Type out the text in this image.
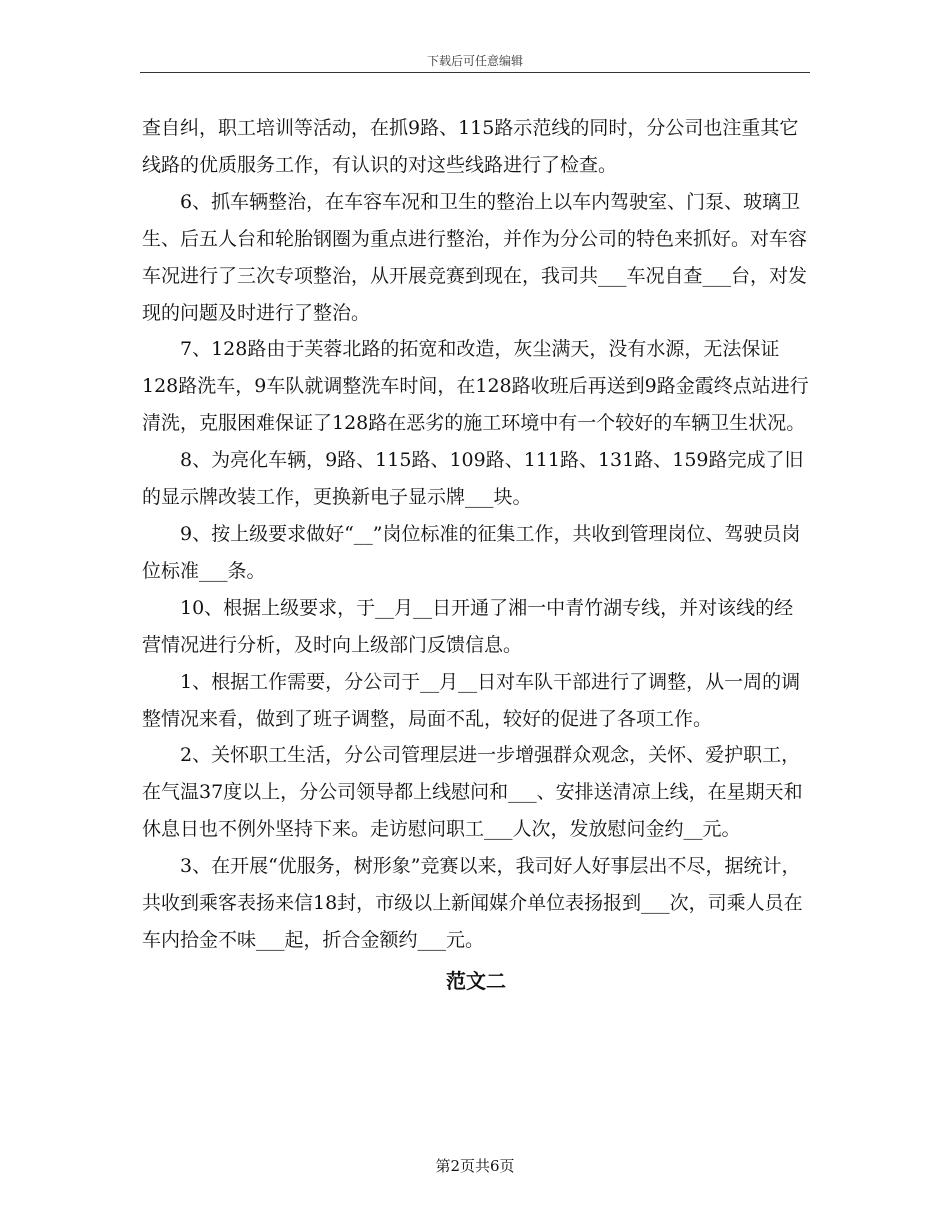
下载后可任意编辑

查自纠，职工培训等活动，在抓9路、115路示范线的同时，分公司也注重其它线路的优质服务工作，有认识的对这些线路进行了检查。

6、抓车辆整治，在车容车况和卫生的整治上以车内驾驶室、门泵、玻璃卫生、后五人台和轮胎钢圈为重点进行整治，并作为分公司的特色来抓好。对车容车况进行了三次专项整治，从开展竞赛到现在，我司共___车况自查___台，对发现的问题及时进行了整治。

7、128路由于芙蓉北路的拓宽和改造，灰尘满天，没有水源，无法保证128路洗车，9车队就调整洗车时间，在128路收班后再送到9路金霞终点站进行清洗，克服困难保证了128路在恶劣的施工环境中有一个较好的车辆卫生状况。

8、为亮化车辆，9路、115路、109路、111路、131路、159路完成了旧的显示牌改装工作，更换新电子显示牌___块。

9、按上级要求做好“__”岗位标准的征集工作，共收到管理岗位、驾驶员岗位标准___条。

10、根据上级要求，于__月__日开通了湘一中青竹湖专线，并对该线的经营情况进行分析，及时向上级部门反馈信息。

1、根据工作需要，分公司于__月__日对车队干部进行了调整，从一周的调整情况来看，做到了班子调整，局面不乱，较好的促进了各项工作。

2、关怀职工生活，分公司管理层进一步增强群众观念，关怀、爱护职工，在气温37度以上，分公司领导都上线慰问和___、安排送清凉上线，在星期天和休息日也不例外坚持下来。走访慰问职工___人次，发放慰问金约__元。

3、在开展“优服务，树形象”竞赛以来，我司好人好事层出不尽，据统计，共收到乘客表扬来信18封，市级以上新闻媒介单位表扬报到___次，司乘人员在车内拾金不味___起，折合金额约___元。

范文二
第2页共6页
